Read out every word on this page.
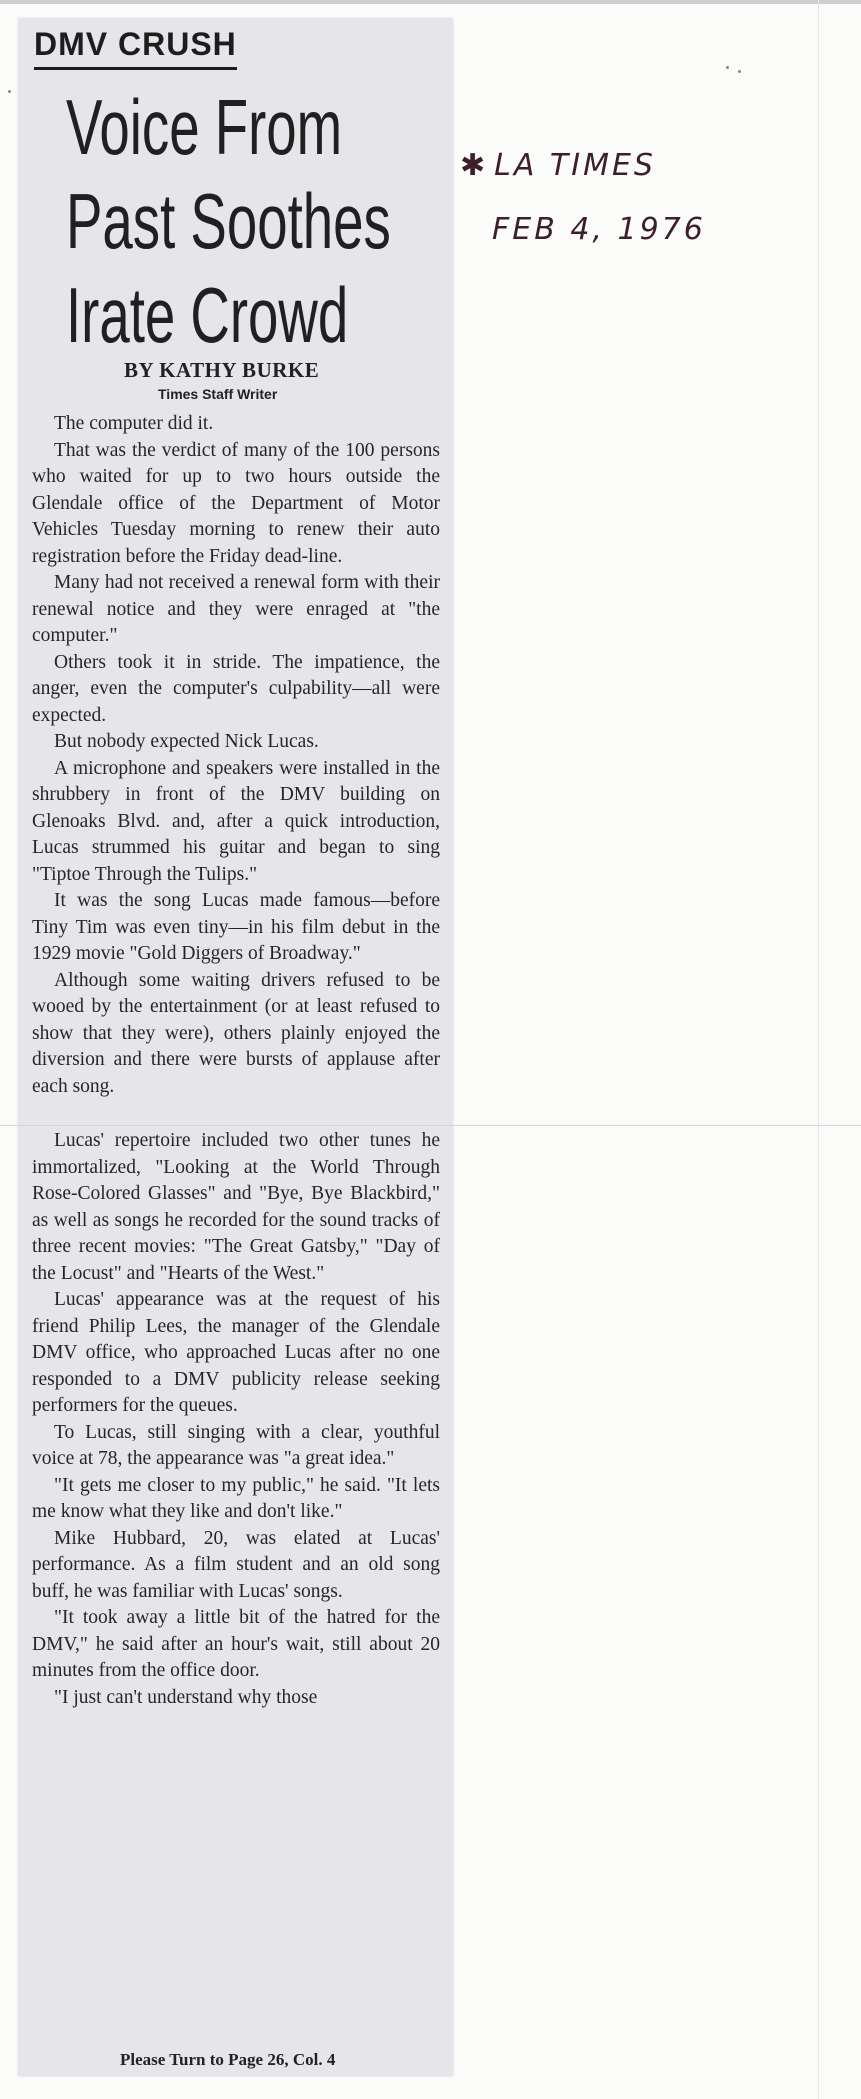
DMV CRUSH
Voice From
Past Soothes
Irate Crowd
BY KATHY BURKE
Times Staff Writer

The computer did it.

That was the verdict of many of the 100 persons who waited for up to two hours outside the Glendale office of the Department of Motor Vehicles Tuesday morning to renew their auto registration before the Friday dead-line.

Many had not received a renewal form with their renewal notice and they were enraged at "the computer."

Others took it in stride. The impatience, the anger, even the computer's culpability—all were expected.

But nobody expected Nick Lucas.

A microphone and speakers were installed in the shrubbery in front of the DMV building on Glenoaks Blvd. and, after a quick introduction, Lucas strummed his guitar and began to sing "Tiptoe Through the Tulips."

It was the song Lucas made famous—before Tiny Tim was even tiny—in his film debut in the 1929 movie "Gold Diggers of Broadway."

Although some waiting drivers refused to be wooed by the entertainment (or at least refused to show that they were), others plainly enjoyed the diversion and there were bursts of applause after each song.

Lucas' repertoire included two other tunes he immortalized, "Looking at the World Through Rose-Colored Glasses" and "Bye, Bye Blackbird," as well as songs he recorded for the sound tracks of three recent movies: "The Great Gatsby," "Day of the Locust" and "Hearts of the West."

Lucas' appearance was at the request of his friend Philip Lees, the manager of the Glendale DMV office, who approached Lucas after no one responded to a DMV publicity release seeking performers for the queues.

To Lucas, still singing with a clear, youthful voice at 78, the appearance was "a great idea."

"It gets me closer to my public," he said. "It lets me know what they like and don't like."

Mike Hubbard, 20, was elated at Lucas' performance. As a film student and an old song buff, he was familiar with Lucas' songs.

"It took away a little bit of the hatred for the DMV," he said after an hour's wait, still about 20 minutes from the office door.

"I just can't understand why those

Please Turn to Page 26, Col. 4
✱ LA TIMES
FEB 4, 1976
